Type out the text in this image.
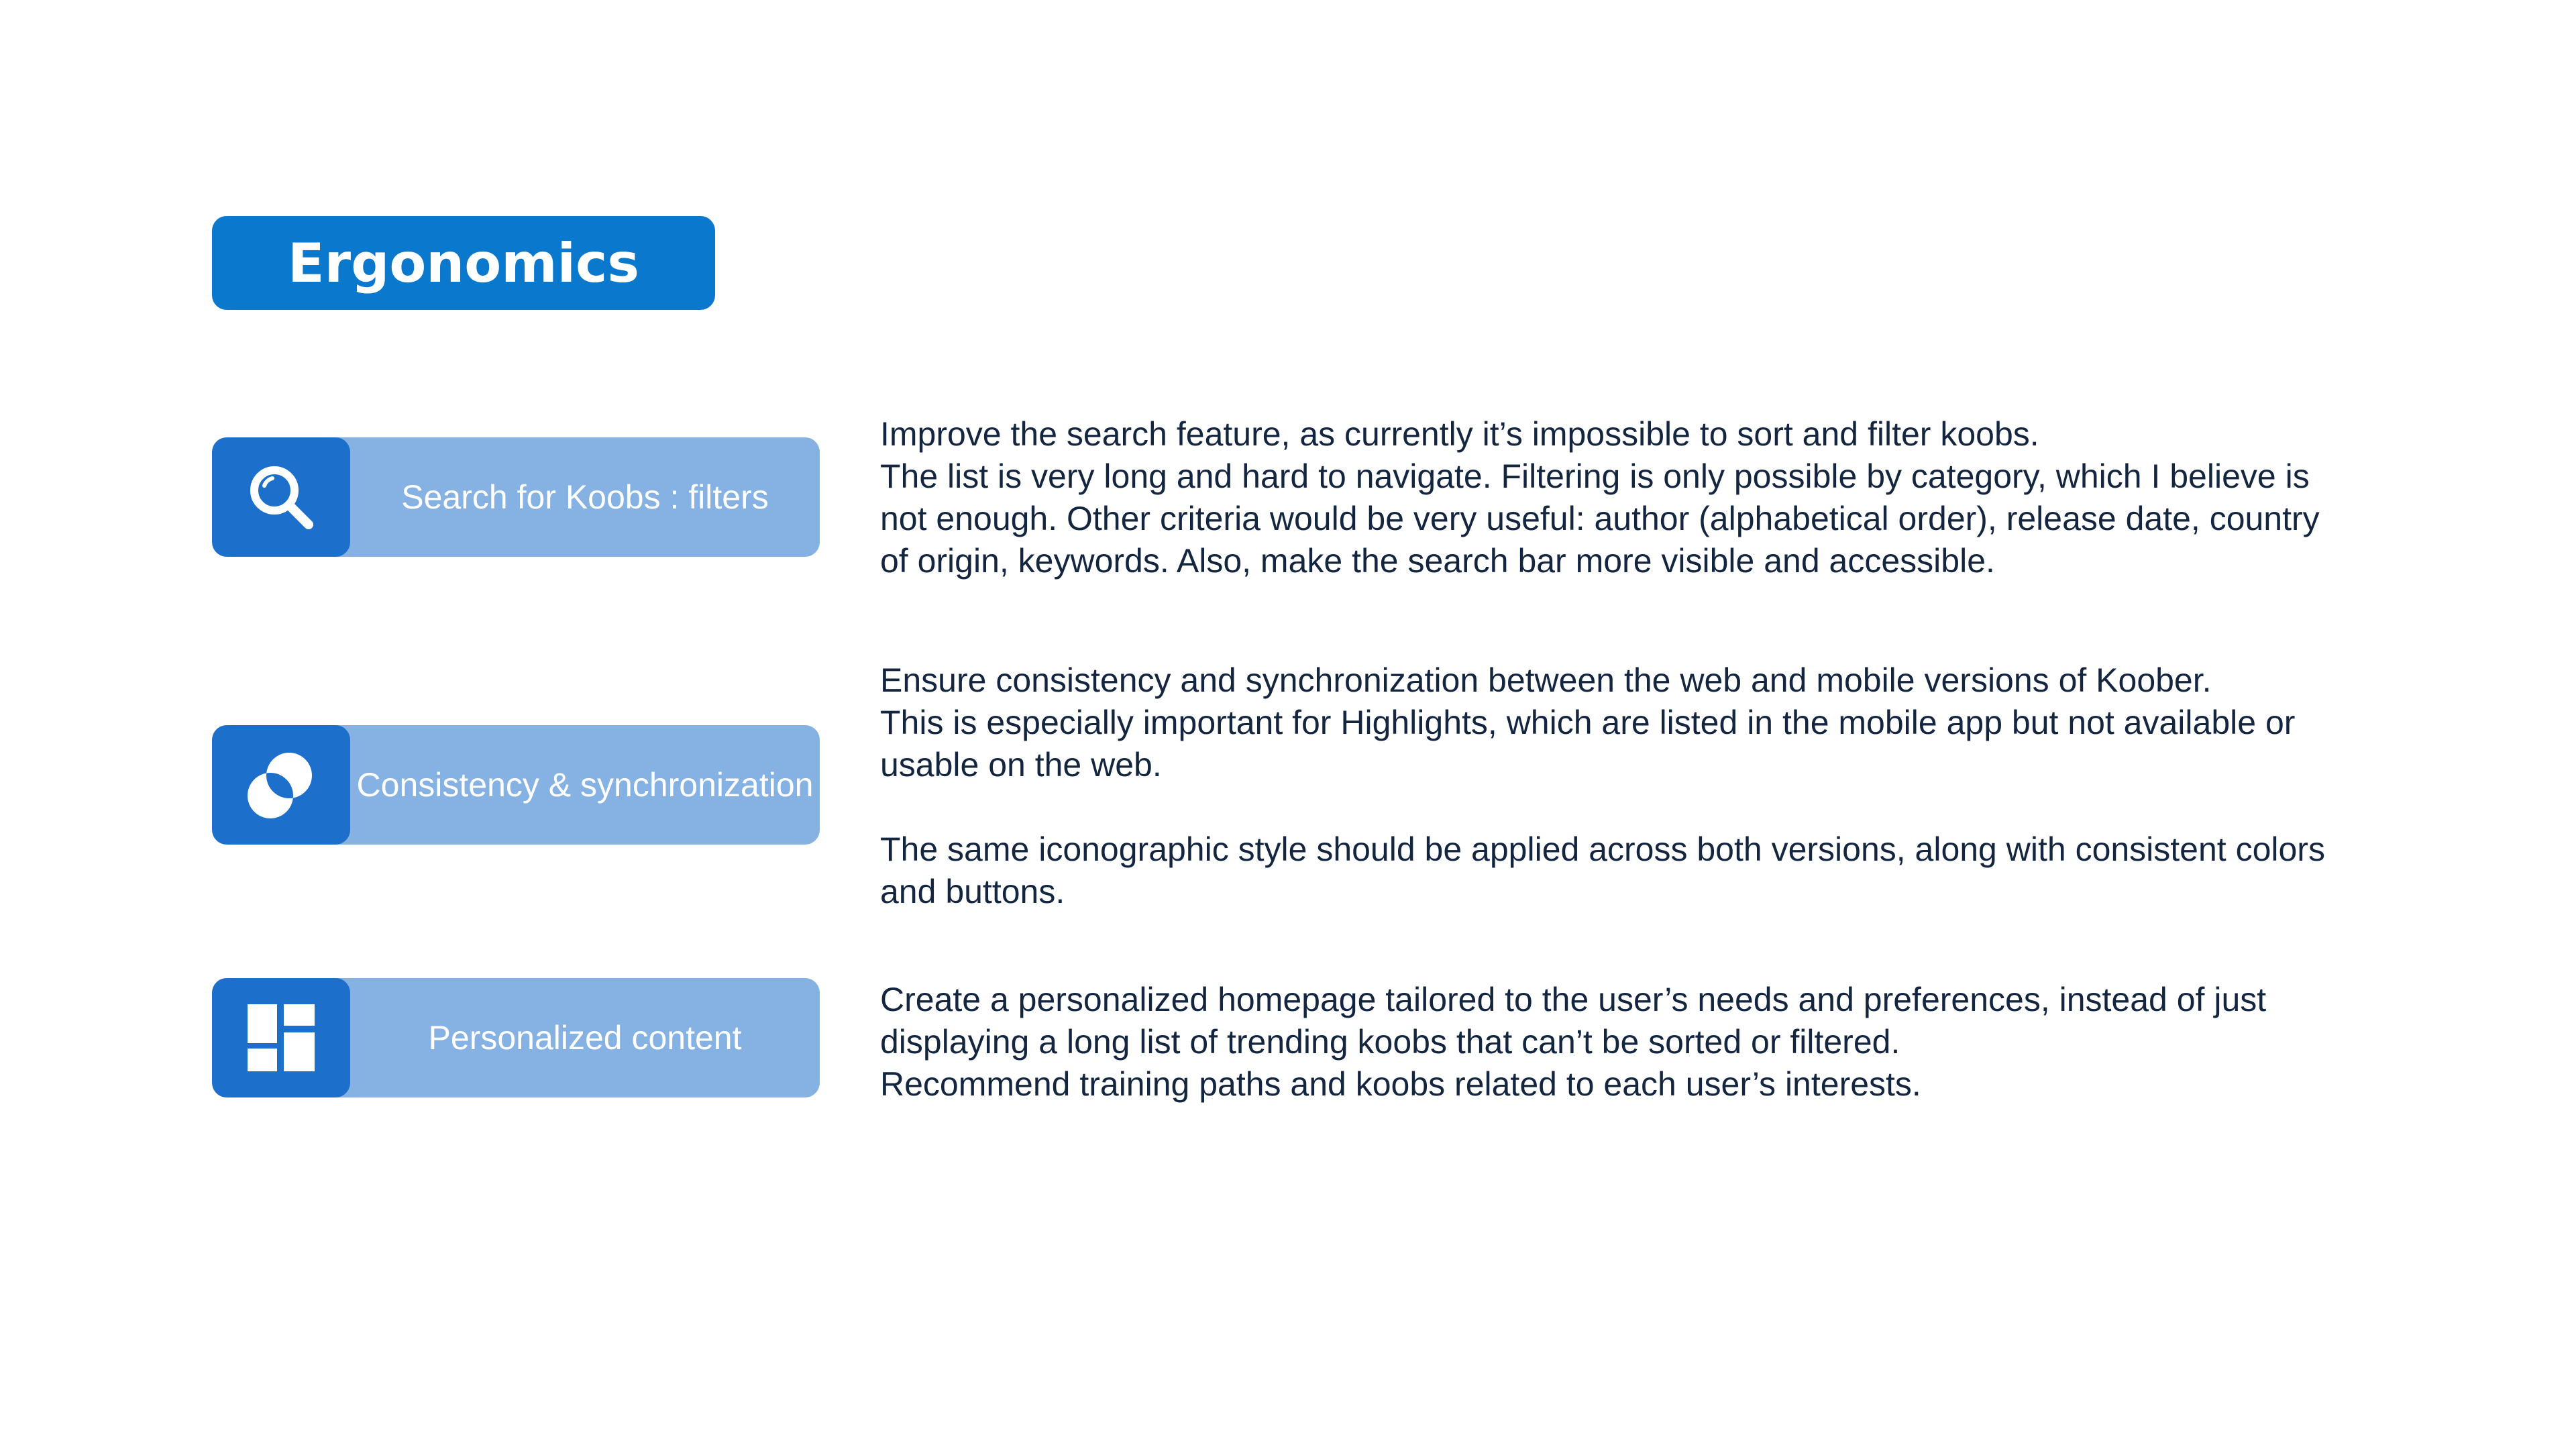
Ergonomics
Search for Koobs : filters

Improve the search feature, as currently it’s impossible to sort and filter koobs.

The list is very long and hard to navigate. Filtering is only possible by category, which I believe is

not enough. Other criteria would be very useful: author (alphabetical order), release date, country

of origin, keywords. Also, make the search bar more visible and accessible.

Consistency & synchronization

Ensure consistency and synchronization between the web and mobile versions of Koober.

This is especially important for Highlights, which are listed in the mobile app but not available or

usable on the web.

The same iconographic style should be applied across both versions, along with consistent colors

and buttons.

Personalized content

Create a personalized homepage tailored to the user’s needs and preferences, instead of just

displaying a long list of trending koobs that can’t be sorted or filtered.

Recommend training paths and koobs related to each user’s interests.
